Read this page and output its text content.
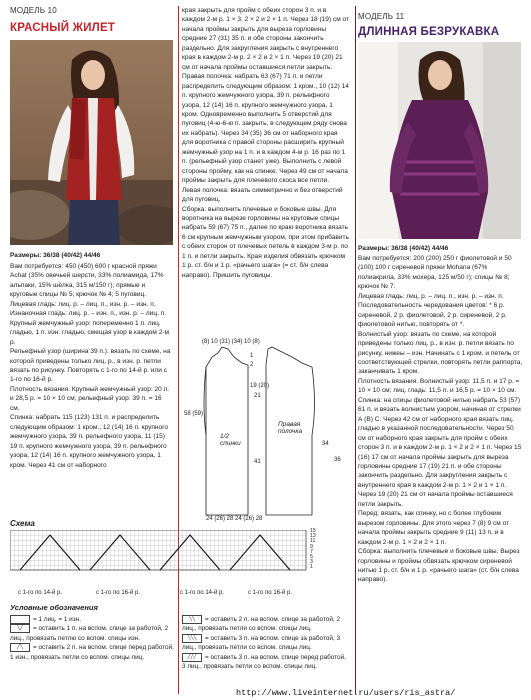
МОДЕЛЬ 10
КРАСНЫЙ ЖИЛЕТ

Размеры: 36/38 (40/42) 44/46

Вам потребуется: 450 (450) 600 г красной пряжи Achat (35% овечьей шерсти, 33% полиамида, 17% альпаки, 15% шёлка, 315 м/150 г); прямые и круговые спицы № 5; крючок № 4; 5 пуговиц.

Лицевая гладь: лиц. р. – лиц. п., изн. р. – изн. п.

Изнаночная гладь: лиц. р. – изн. п., изн. р. – лиц. п.

Крупный жемчужный узор: попеременно 1 п. лиц. гладью, 1 п. изн. гладью, смещая узор в каждом 2-м р.

Рельефный узор (ширина 39 п.): вязать по схеме, на которой приведены только лиц. р., в изн. р. петли вязать по рисунку. Повторять с 1-го по 14-й р. или с 1-го по 16-й р.

Плотность вязания. Крупный жемчужный узор: 20 п. и 28,5 р. = 10 × 10 см; рельефный узор: 39 п. = 16 см.

Спинка: набрать 115 (123) 131 п. и распределить следующим образом: 1 кром., 12 (14) 16 п. крупного жемчужного узора, 39 п. рельефного узора, 11 (15) 19 п. крупного жемчужного узора, 39 п. рельефного узора, 12 (14) 16 п. крупного жемчужного узора, 1 кром. Через 41 см от наборного

края закрыть для пройм с обеих сторон 3 п. и в каждом 2-м р. 1 × 3, 2 × 2 и 2 × 1 п. Через 18 (19) см от начала проймы закрыть для выреза горловины средние 27 (31) 35 п. и обе стороны закончить раздельно. Для закругления закрыть с внутреннего края в каждом 2-м р. 2 × 2 и 2 × 1 п. Через 19 (20) 21 см от начала проймы оставшиеся петли закрыть.

Правая полочка: набрать 63 (67) 71 п. и петли распределить следующим образом: 1 кром., 10 (12) 14 п. крупного жемчужного узора, 39 п. рельефного узора, 12 (14) 16 п. крупного жемчужного узора, 1 кром. Одновременно выполнить 5 отверстий для пуговиц (4-ю-6-ю п. закрыть, в следующем ряду снова их набрать). Через 34 (35) 36 см от наборного края для воротника с правой стороны расширить крупный жемчужный узор на 1 п. и в каждом 4-м р. 16 раз по 1 п. (рельефный узор станет уже). Выполнить с левой стороны пройму, как на спинке. Через 49 см от начала проймы закрыть для плечевого скоса все петли.

Левая полочка: вязать симметрично и без отверстий для пуговиц.

Сборка: выполнить плечевые и боковые швы. Для воротника на вырезе горловины на круговые спицы набрать 59 (67) 75 п., далее по краю воротника вязать 6 см крупным жемчужным узором, при этом прибавить с обеих сторон от плечевых петель в каждом 3-м р. по 1 п. и петли закрыть. Края изделия обвязать крючком 1 р. ст. б/н и 1 р. «рачьего шага» (= ст. б/н слева направо). Пришить пуговицы.

(8) 10 (31) (34) 10 (8)
1/2 спинки
Правая полочка
1
2
19 (20)
21
58 (59)
41
34
36
24 (26) 28 24 (26) 28
Схема
15
13
11
9
7
5
3
1
с 1-го по 14-й р.	с 1-го по 16-й р.	с 1-го по 14-й р.	с 1-го по 16-й р.
Условные обозначения

= 1 лиц. = 1 изн.

╲╱ = оставить 1 п. на вспом. спице за работой, 2 лиц., провязать петлю со вспом. спицы изн.

╱╲ = оставить 2 п. на вспом. спице перед работой, 1 изн., провязать петли со вспом. спицы лиц.

╲╲ = оставить 2 п. на вспом. спице за работой, 2 лиц., провязать петли со вспом. спицы лиц.

╲╲╲ = оставить 3 п. на вспом. спице за работой, 3 лиц., провязать петли со вспом. спицы лиц.

╱╱╱ = оставить 3 п. на вспом. спице перед работой, 3 лиц., провязать петли со вспом. спицы лиц.

МОДЕЛЬ 11
ДЛИННАЯ БЕЗРУКАВКА

Размеры: 36/38 (40/42) 44/46

Вам потребуется: 200 (200) 250 г фиолетовой и 50 (100) 100 г сиреневой пряжи Mohana (67% полиакрила, 33% мохера, 125 м/50 г); спицы № 8; крючок № 7.

Лицевая гладь: лиц. р. – лиц. п., изн. р. – изн. п.

Последовательность чередования цветов: * 6 р. сиреневой, 2 р. фиолетовой, 2 р. сиреневой, 2 р. фиолетовой нитью, повторять от *.

Волнистый узор: вязать по схеме, на которой приведены только лиц. р., в изн. р. петли вязать по рисунку, нижеы – изн. Начинать с 1 кром. и петель от соответствующей стрелки, повторять петли раппорта, заканчивать 1 кром.

Плотность вязания. Волнистый узор: 11,5 п. и 17 р. = 10 × 10 см; лиц. гладь: 11,5 п. и 16,5 р. = 10 × 10 см.

Спинка: на спицы фиолетовой нитью набрать 53 (57) 61 п. и вязать волнистым узором, начиная от стрелки А (В) С. Через 42 см от наборного края вязать лиц. гладью в указанной последовательности. Через 50 см от наборного края закрыть для пройм с обеих сторон 3 п. и в каждом 2-м р. 1 × 2 и 2 × 1 п. Через 15 (16) 17 см от начала проймы закрыть для выреза горловины средние 17 (19) 21 п. и обе стороны закончить раздельно. Для закругления закрыть с внутреннего края в каждом 2-м р. 1 × 2 и 1 × 1 п. Через 19 (20) 21 см от начала проймы оставшиеся петли закрыть.

Перед: вязать, как спинку, но с более глубоким вырезом горловины. Для этого через 7 (8) 9 см от начала проймы закрыть средние 9 (11) 13 п. и в каждом 2-м р. 1 × 2 и 2 × 1 п.

Сборка: выполнить плечевые и боковые швы. Вырез горловины и проймы обвязать крючком сиреневой нитью 1 р. ст. б/н и 1 р. «рачьего шага» (ст. б/н слева направо).

http://www.liveinternet.ru/users/ris_astra/
